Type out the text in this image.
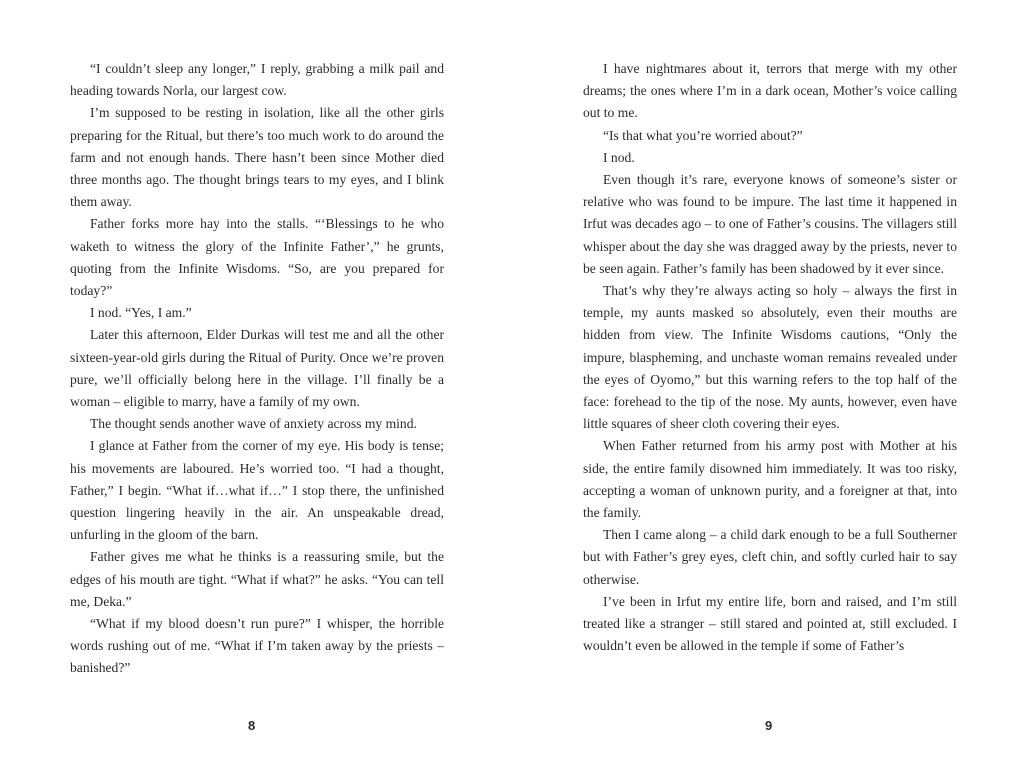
“I couldn’t sleep any longer,” I reply, grabbing a milk pail and heading towards Norla, our largest cow.

I’m supposed to be resting in isolation, like all the other girls preparing for the Ritual, but there’s too much work to do around the farm and not enough hands. There hasn’t been since Mother died three months ago. The thought brings tears to my eyes, and I blink them away.

Father forks more hay into the stalls. “‘Blessings to he who waketh to witness the glory of the Infinite Father’,” he grunts, quoting from the Infinite Wisdoms. “So, are you prepared for today?”

I nod. “Yes, I am.”

Later this afternoon, Elder Durkas will test me and all the other sixteen-year-old girls during the Ritual of Purity. Once we’re proven pure, we’ll officially belong here in the village. I’ll finally be a woman – eligible to marry, have a family of my own.

The thought sends another wave of anxiety across my mind.

I glance at Father from the corner of my eye. His body is tense; his movements are laboured. He’s worried too. “I had a thought, Father,” I begin. “What if…what if…” I stop there, the unfinished question lingering heavily in the air. An unspeakable dread, unfurling in the gloom of the barn.

Father gives me what he thinks is a reassuring smile, but the edges of his mouth are tight. “What if what?” he asks. “You can tell me, Deka.”

“What if my blood doesn’t run pure?” I whisper, the horrible words rushing out of me. “What if I’m taken away by the priests – banished?”

I have nightmares about it, terrors that merge with my other dreams; the ones where I’m in a dark ocean, Mother’s voice calling out to me.

“Is that what you’re worried about?”

I nod.

Even though it’s rare, everyone knows of someone’s sister or relative who was found to be impure. The last time it happened in Irfut was decades ago – to one of Father’s cousins. The villagers still whisper about the day she was dragged away by the priests, never to be seen again. Father’s family has been shadowed by it ever since.

That’s why they’re always acting so holy – always the first in temple, my aunts masked so absolutely, even their mouths are hidden from view. The Infinite Wisdoms cautions, “Only the impure, blaspheming, and unchaste woman remains revealed under the eyes of Oyomo,” but this warning refers to the top half of the face: forehead to the tip of the nose. My aunts, however, even have little squares of sheer cloth covering their eyes.

When Father returned from his army post with Mother at his side, the entire family disowned him immediately. It was too risky, accepting a woman of unknown purity, and a foreigner at that, into the family.

Then I came along – a child dark enough to be a full Southerner but with Father’s grey eyes, cleft chin, and softly curled hair to say otherwise.

I’ve been in Irfut my entire life, born and raised, and I’m still treated like a stranger – still stared and pointed at, still excluded. I wouldn’t even be allowed in the temple if some of Father’s

8	9
